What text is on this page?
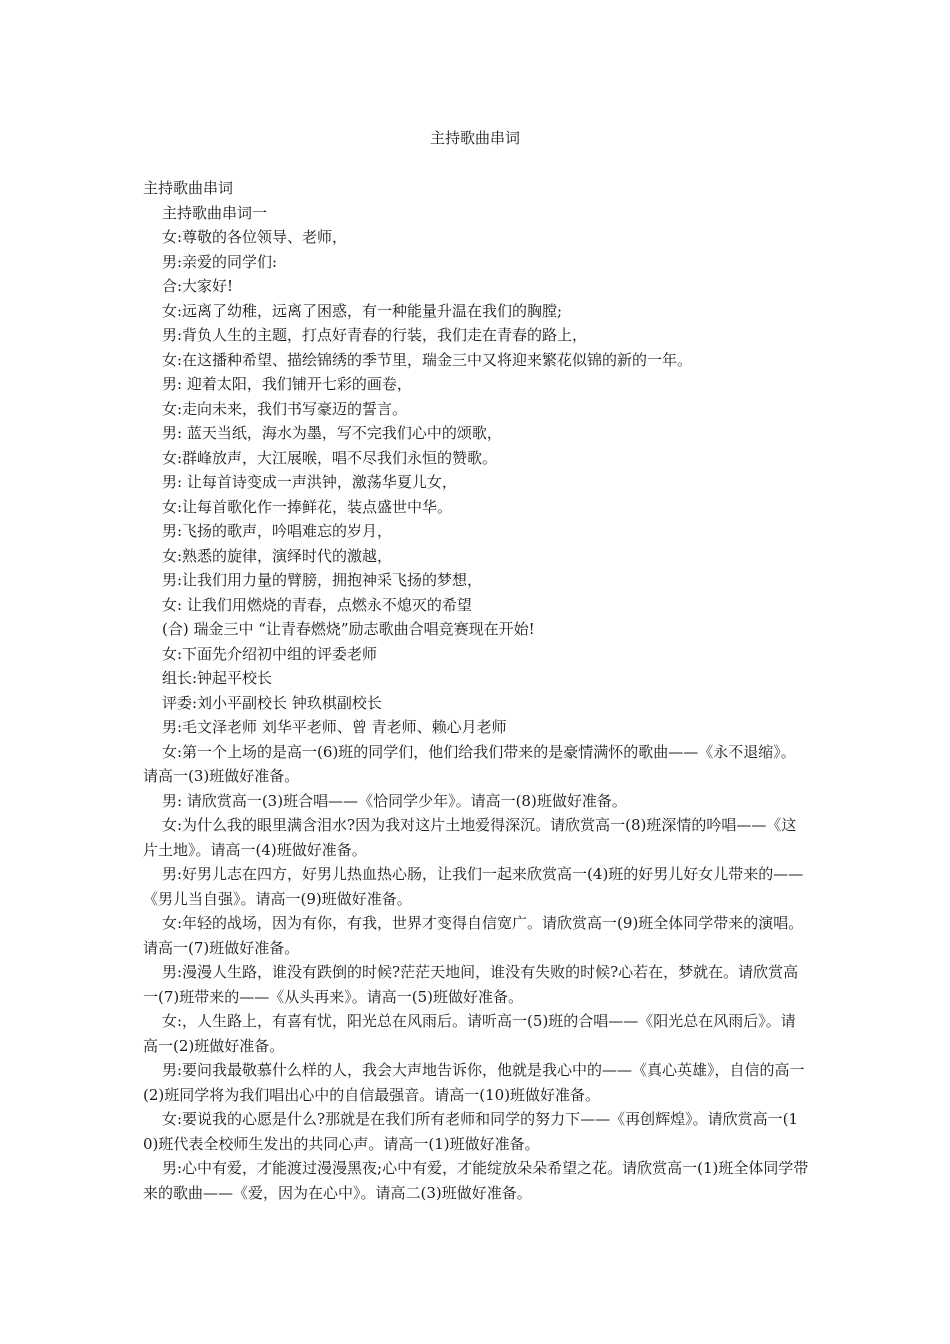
主持歌曲串词

主持歌曲串词

主持歌曲串词一

女:尊敬的各位领导、老师，

男:亲爱的同学们:

合:大家好!

女:远离了幼稚，远离了困惑，有一种能量升温在我们的胸膛;

男:背负人生的主题，打点好青春的行装，我们走在青春的路上，

女:在这播种希望、描绘锦绣的季节里，瑞金三中又将迎来繁花似锦的新的一年。

男: 迎着太阳，我们铺开七彩的画卷，

女:走向未来，我们书写豪迈的誓言。

男: 蓝天当纸，海水为墨，写不完我们心中的颂歌，

女:群峰放声，大江展喉，唱不尽我们永恒的赞歌。

男: 让每首诗变成一声洪钟，激荡华夏儿女，

女:让每首歌化作一捧鲜花，装点盛世中华。

男:飞扬的歌声，吟唱难忘的岁月，

女:熟悉的旋律，演绎时代的激越，

男:让我们用力量的臂膀，拥抱神采飞扬的梦想，

女: 让我们用燃烧的青春，点燃永不熄灭的希望

(合) 瑞金三中 “让青春燃烧”励志歌曲合唱竞赛现在开始!

女:下面先介绍初中组的评委老师

组长:钟起平校长

评委:刘小平副校长 钟玖棋副校长

男:毛文泽老师 刘华平老师、曾 青老师、赖心月老师

女:第一个上场的是高一(6)班的同学们，他们给我们带来的是豪情满怀的歌曲——《永不退缩》。请高一(3)班做好准备。

男: 请欣赏高一(3)班合唱——《恰同学少年》。请高一(8)班做好准备。

女:为什么我的眼里满含泪水?因为我对这片土地爱得深沉。请欣赏高一(8)班深情的吟唱——《这片土地》。请高一(4)班做好准备。

男:好男儿志在四方，好男儿热血热心肠，让我们一起来欣赏高一(4)班的好男儿好女儿带来的——《男儿当自强》。请高一(9)班做好准备。

女:年轻的战场，因为有你，有我，世界才变得自信宽广。请欣赏高一(9)班全体同学带来的演唱。请高一(7)班做好准备。

男:漫漫人生路，谁没有跌倒的时候?茫茫天地间，谁没有失败的时候?心若在，梦就在。请欣赏高一(7)班带来的——《从头再来》。请高一(5)班做好准备。

女:，人生路上，有喜有忧，阳光总在风雨后。请听高一(5)班的合唱——《阳光总在风雨后》。请高一(2)班做好准备。

男:要问我最敬慕什么样的人，我会大声地告诉你，他就是我心中的——《真心英雄》，自信的高一(2)班同学将为我们唱出心中的自信最强音。请高一(10)班做好准备。

女:要说我的心愿是什么?那就是在我们所有老师和同学的努力下——《再创辉煌》。请欣赏高一(10)班代表全校师生发出的共同心声。请高一(1)班做好准备。

男:心中有爱，才能渡过漫漫黑夜;心中有爱，才能绽放朵朵希望之花。请欣赏高一(1)班全体同学带来的歌曲——《爱，因为在心中》。请高二(3)班做好准备。
